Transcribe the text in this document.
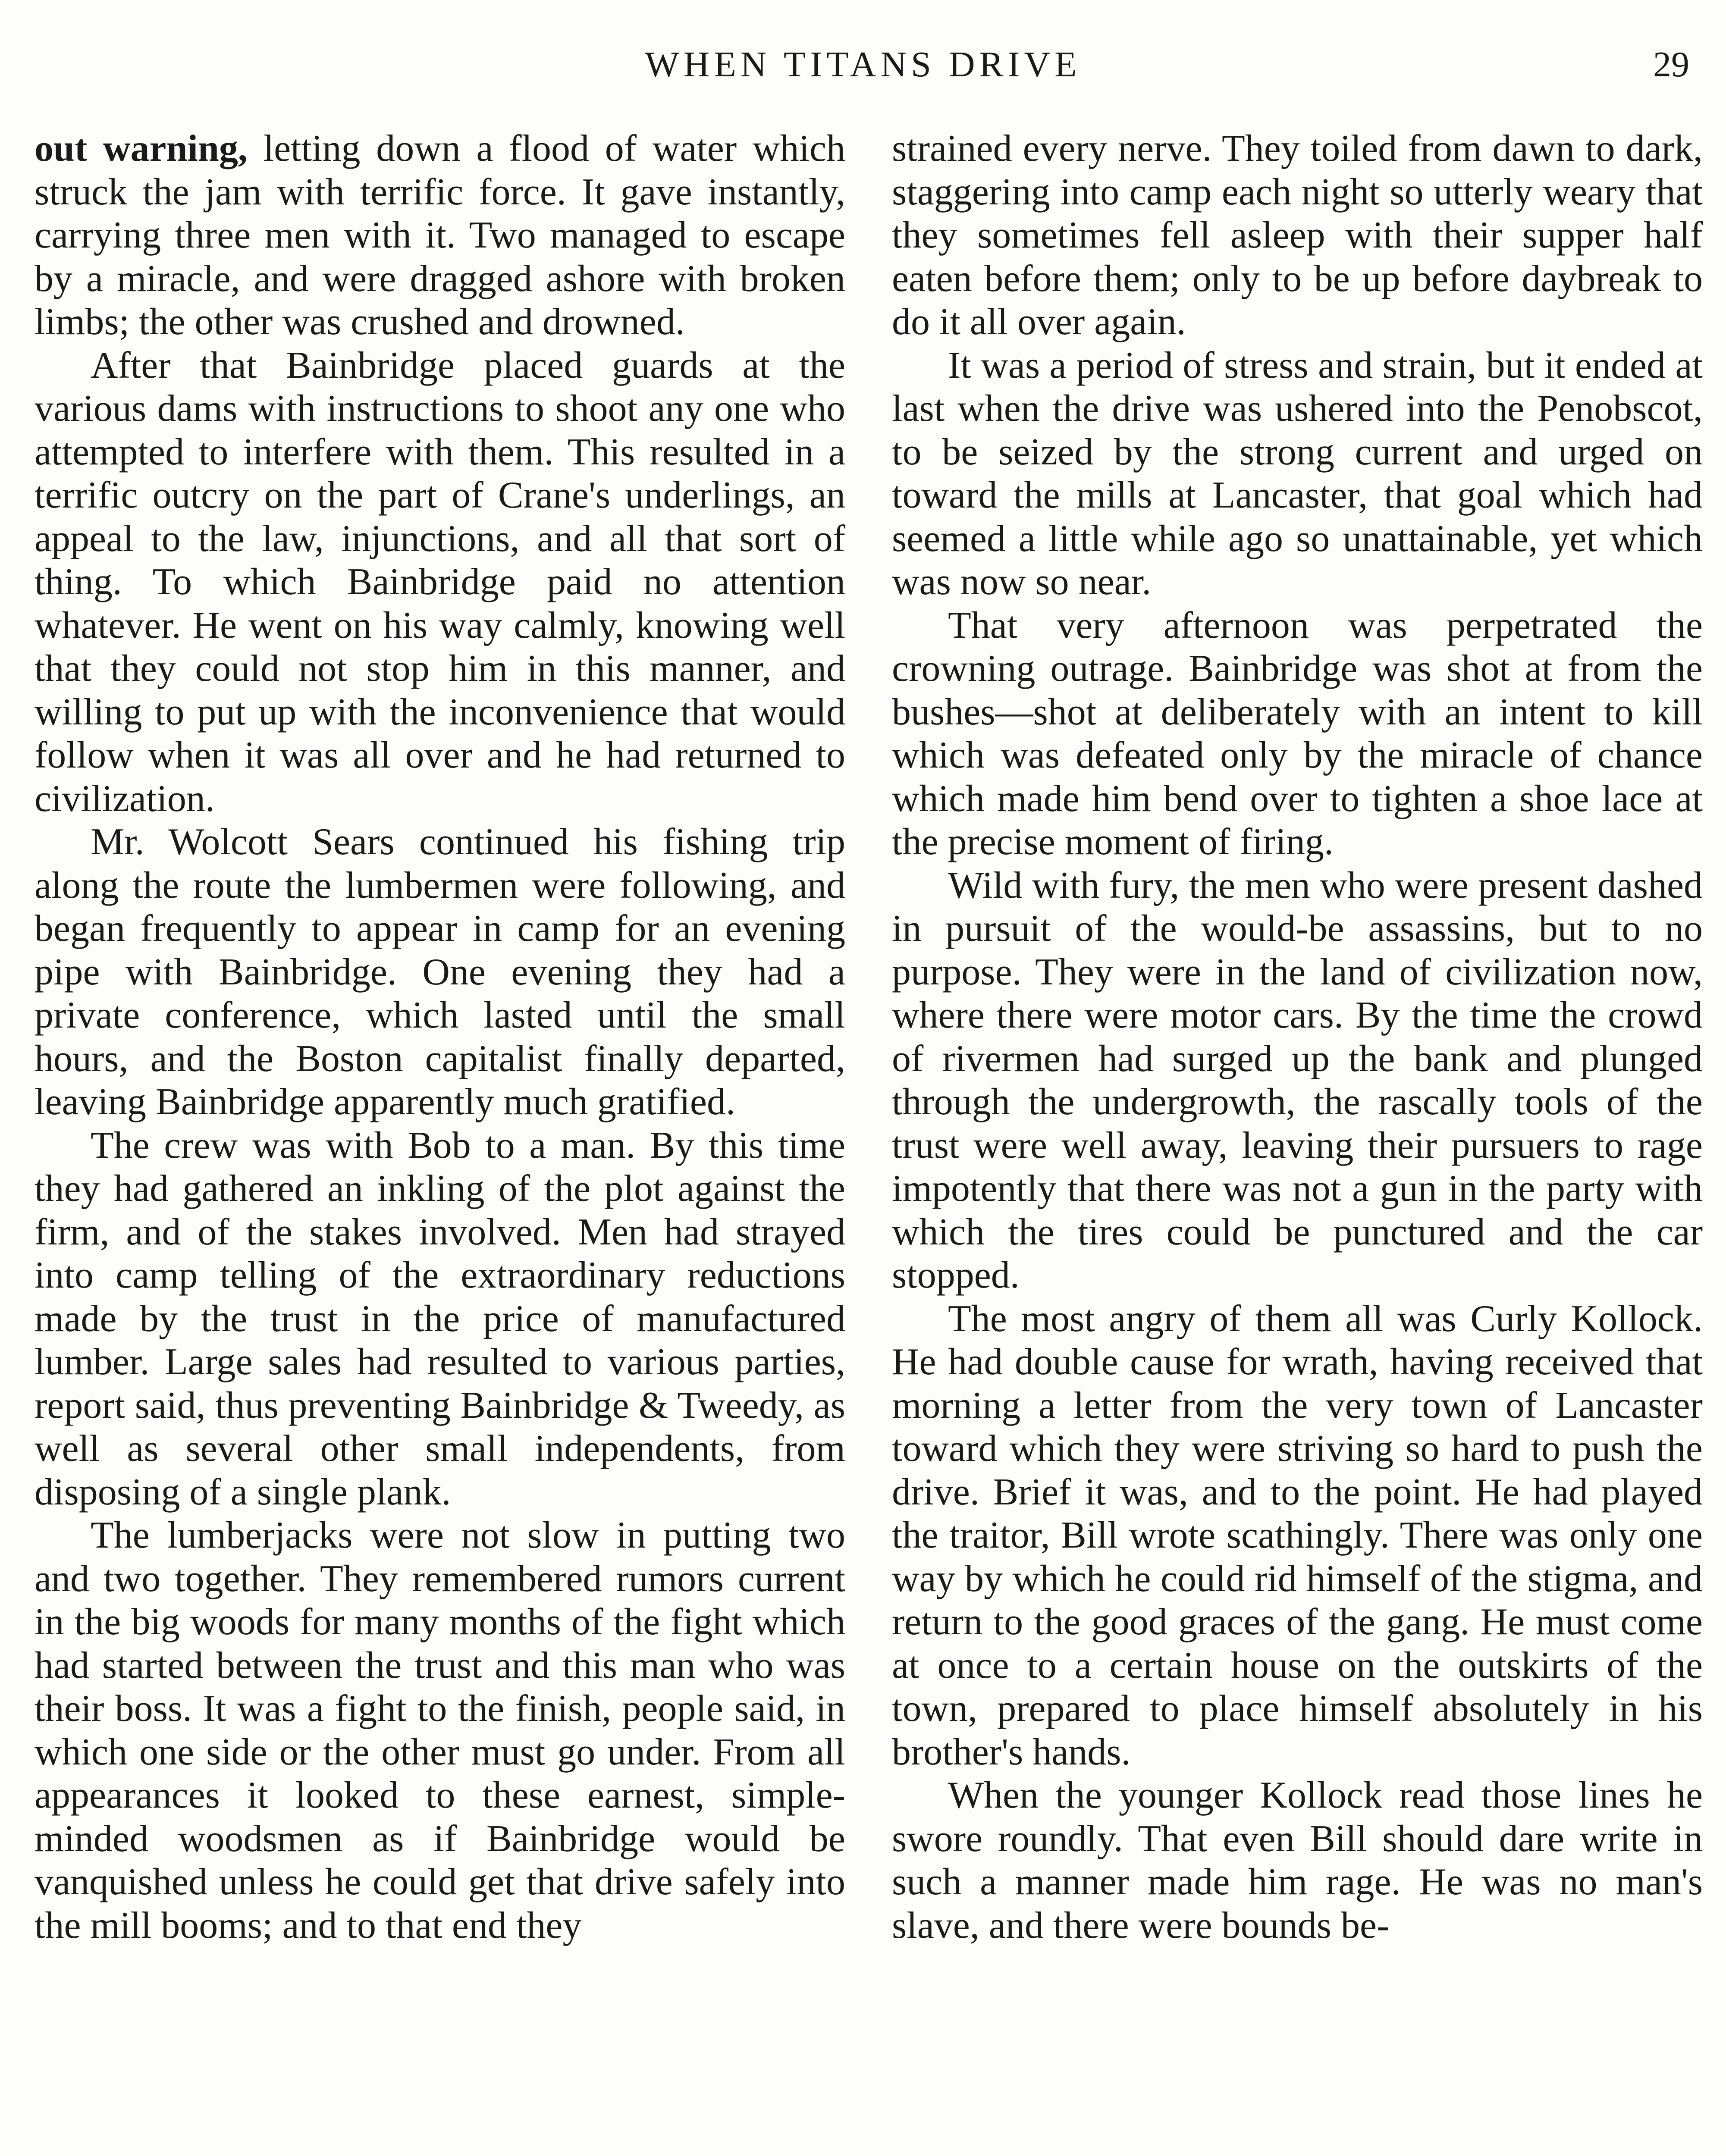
WHEN TITANS DRIVE	29

out warning, letting down a flood of water which struck the jam with terrific force. It gave instantly, carrying three men with it. Two managed to escape by a miracle, and were dragged ashore with broken limbs; the other was crushed and drowned.

After that Bainbridge placed guards at the various dams with instructions to shoot any one who attempted to interfere with them. This resulted in a terrific outcry on the part of Crane's underlings, an appeal to the law, injunctions, and all that sort of thing. To which Bainbridge paid no attention whatever. He went on his way calmly, knowing well that they could not stop him in this manner, and willing to put up with the inconvenience that would follow when it was all over and he had returned to civilization.

Mr. Wolcott Sears continued his fishing trip along the route the lumbermen were following, and began frequently to appear in camp for an evening pipe with Bainbridge. One evening they had a private conference, which lasted until the small hours, and the Boston capitalist finally departed, leaving Bainbridge apparently much gratified.

The crew was with Bob to a man. By this time they had gathered an inkling of the plot against the firm, and of the stakes involved. Men had strayed into camp telling of the extraordinary reductions made by the trust in the price of manufactured lumber. Large sales had resulted to various parties, report said, thus preventing Bainbridge & Tweedy, as well as several other small independents, from disposing of a single plank.

The lumberjacks were not slow in putting two and two together. They remembered rumors current in the big woods for many months of the fight which had started between the trust and this man who was their boss. It was a fight to the finish, people said, in which one side or the other must go under. From all appearances it looked to these earnest, simple-minded woodsmen as if Bainbridge would be vanquished unless he could get that drive safely into the mill booms; and to that end they

strained every nerve. They toiled from dawn to dark, staggering into camp each night so utterly weary that they sometimes fell asleep with their supper half eaten before them; only to be up before daybreak to do it all over again.

It was a period of stress and strain, but it ended at last when the drive was ushered into the Penobscot, to be seized by the strong current and urged on toward the mills at Lancaster, that goal which had seemed a little while ago so unattainable, yet which was now so near.

That very afternoon was perpetrated the crowning outrage. Bainbridge was shot at from the bushes—shot at deliberately with an intent to kill which was defeated only by the miracle of chance which made him bend over to tighten a shoe lace at the precise moment of firing.

Wild with fury, the men who were present dashed in pursuit of the would-be assassins, but to no purpose. They were in the land of civilization now, where there were motor cars. By the time the crowd of rivermen had surged up the bank and plunged through the undergrowth, the rascally tools of the trust were well away, leaving their pursuers to rage impotently that there was not a gun in the party with which the tires could be punctured and the car stopped.

The most angry of them all was Curly Kollock. He had double cause for wrath, having received that morning a letter from the very town of Lancaster toward which they were striving so hard to push the drive. Brief it was, and to the point. He had played the traitor, Bill wrote scathingly. There was only one way by which he could rid himself of the stigma, and return to the good graces of the gang. He must come at once to a certain house on the outskirts of the town, prepared to place himself absolutely in his brother's hands.

When the younger Kollock read those lines he swore roundly. That even Bill should dare write in such a manner made him rage. He was no man's slave, and there were bounds be-
